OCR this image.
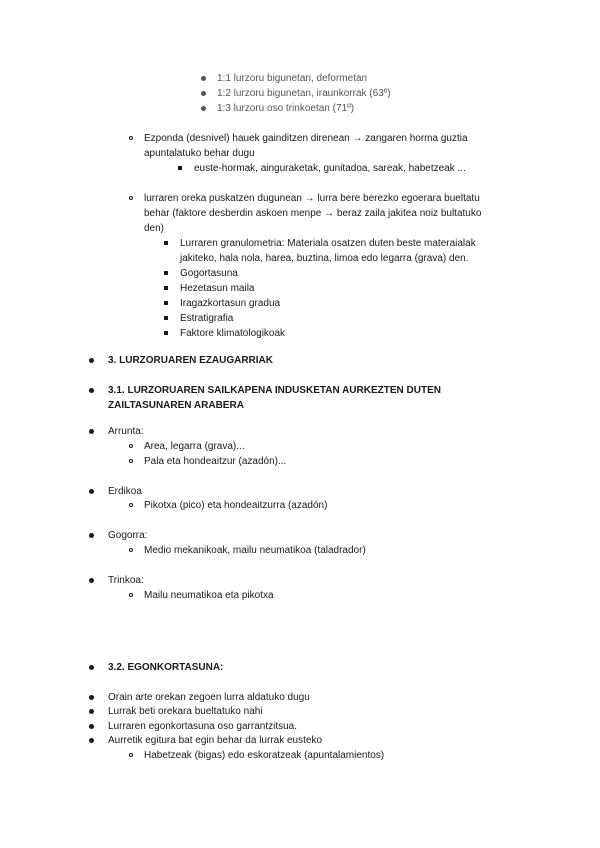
1:1 lurzoru bigunetan, deformetan
1:2 lurzoru bigunetan, iraunkorrak (63º)
1:3 lurzoru oso trinkoetan (71º)
Ezponda (desnivel) hauek gainditzen direnean → zangaren horma guztia
apuntalatuko behar dugu
euste-hormak, ainguraketak, gunitadoa, sareak, habetzeak ...
lurraren oreka puskatzen dugunean → lurra bere berezko egoerara bueltatu
behar (faktore desberdin askoen menpe → beraz zaila jakitea noiz bultatuko
den)
Lurraren granulometria: Materiala osatzen duten beste materaialak
jakiteko, hala nola, harea, buztina, limoa edo legarra (grava) den.
Gogortasuna
Hezetasun maila
Iragazkortasun gradua
Estratigrafia
Faktore klimatologikoak
3. LURZORUAREN EZAUGARRIAK
3.1. LURZORUAREN SAILKAPENA INDUSKETAN AURKEZTEN DUTEN
ZAILTASUNAREN ARABERA
Arrunta:
Area, legarra (grava)...
Pala eta hondeaitzur (azadón)...
Erdikoa
Pikotxa (pico) eta hondeaitzurra (azadón)
Gogorra:
Medio mekanikoak, mailu neumatikoa (taladrador)
Trinkoa:
Mailu neumatikoa eta pikotxa
3.2. EGONKORTASUNA:
Orain arte orekan zegoen lurra aldatuko dugu
Lurrak beti orekara bueltatuko nahi
Lurraren egonkortasuna oso garrantzitsua.
Aurretik egitura bat egin behar da lurrak eusteko
Habetzeak (bigas) edo eskoratzeak (apuntalamientos)
